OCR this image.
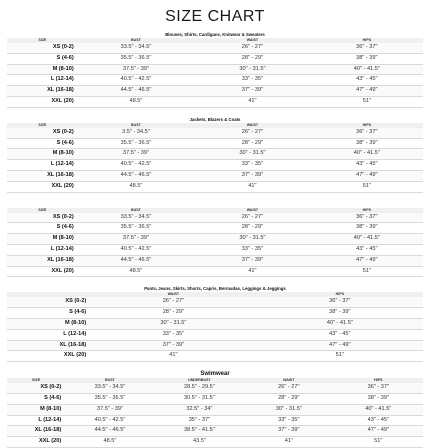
SIZE CHART
Blouses, Shirts, Cardigans, Knitwear & Sweaters
SIZE	BUST	WAIST	HIPS
XS (0-2)	33.5" - 34.5"	26" - 27"	36" - 37"
S (4-6)	35.5" - 36.5"	28" - 29"	38" - 39"
M (8-10)	37.5" - 39"	30" - 31.5"	40" - 41.5"
L (12-14)	40.5" - 42.5"	33" - 35"	43" - 45"
XL (16-18)	44.5" - 46.5"	37" - 39"	47" - 49"
XXL (20)	48.5"	41"	51"
Jackets, Blazers & Coats
SIZE	BUST	WAIST	HIPS
XS (0-2)	3.5" - 34.5"	26" - 27"	36" - 37"
S (4-6)	35.5" - 36.5"	28" - 29"	38" - 39"
M (8-10)	37.5" - 39"	30" - 31.5"	40" - 41.5"
L (12-14)	40.5" - 42.5"	33" - 35"	43" - 45"
XL (16-18)	44.5" - 46.5"	37" - 39"	47" - 49"
XXL (20)	48.5"	41"	51"
SIZE	BUST	WAIST	HIPS
XS (0-2)	33.5" - 34.5"	26" - 27"	36" - 37"
S (4-6)	35.5" - 36.5"	28" - 29"	38" - 39"
M (8-10)	37.5" - 39"	30" - 31.5"	40" - 41.5"
L (12-14)	40.5" - 42.5"	33" - 35"	43" - 45"
XL (16-18)	44.5" - 46.5"	37" - 39"	47" - 49"
XXL (20)	48.5"	41"	51"
Pants, Jeans, Skirts, Shorts, Capris, Bermudas, Leggings & Jeggings
	WAIST	HIPS
XS (0-2)	26" - 27"	36" - 37"
S (4-6)	28" - 29"	38" - 39"
M (8-10)	30" - 31.5"	40" - 41.5"
L (12-14)	33" - 35"	43" - 45"
XL (16-18)	37" - 39"	47" - 49"
XXL (20)	41"	51"
Swimwear
SIZE	BUST	UNDERBUST	WAIST	HIPS
XS (0-2)	33.5" - 34.5"	28.5" - 29.5"	26" - 27"	36" - 37"
S (4-6)	35.5" - 36.5"	30.5" - 31.5"	28" - 29"	38" - 39"
M (8-10)	37.5" - 39"	32.5" - 34"	30" - 31.5"	40" - 41.5"
L (12-14)	40.5" - 42.5"	35" - 37"	33" - 35"	43" - 45"
XL (16-18)	44.5" - 46.5"	38.5" - 41.5"	37" - 39"	47" - 49"
XXL (20)	48.5"	43.5"	41"	51"
